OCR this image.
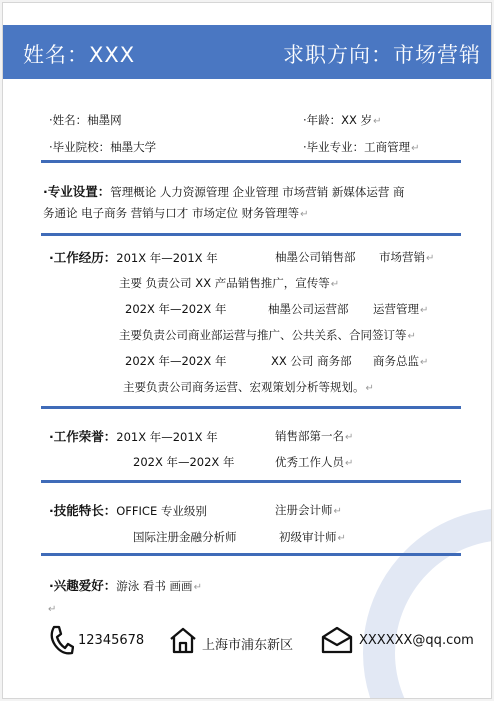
姓名：XXX	求职方向：市场营销
·姓名：柚墨网	·年龄：XX 岁↵
·毕业院校：柚墨大学	·毕业专业：工商管理↵
·专业设置：管理概论 人力资源管理 企业管理 市场营销 新媒体运营 商
务通论 电子商务 营销与口才 市场定位 财务管理等↵
·工作经历：201X 年—201X 年	柚墨公司销售部 市场营销↵
主要 负责公司 XX 产品销售推广，宣传等↵
202X 年—202X 年	柚墨公司运营部 运营管理↵
主要负责公司商业部运营与推广、公共关系、合同签订等↵
202X 年—202X 年	XX 公司 商务部 商务总监↵
主要负责公司商务运营、宏观策划分析等规划。↵
·工作荣誉：201X 年—201X 年	销售部第一名↵
202X 年—202X 年	优秀工作人员↵
·技能特长：OFFICE 专业级别	注册会计师↵
国际注册金融分析师	初级审计师↵
·兴趣爱好：游泳 看书 画画↵
↵
12345678	上海市浦东新区	XXXXXX@qq.com
